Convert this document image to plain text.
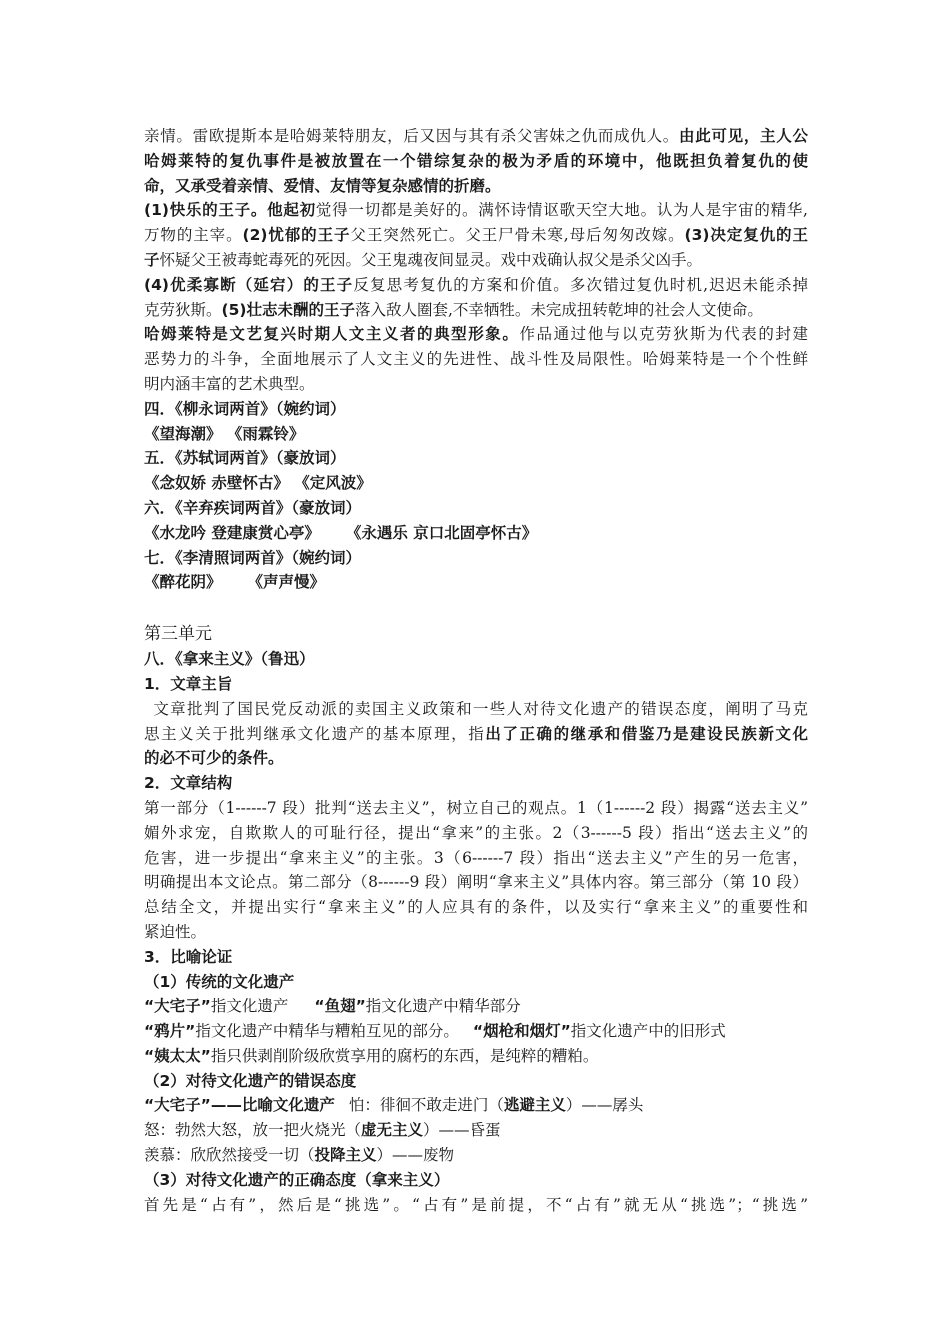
亲情。雷欧提斯本是哈姆莱特朋友，后又因与其有杀父害妹之仇而成仇人。由此可见，主人公
哈姆莱特的复仇事件是被放置在一个错综复杂的极为矛盾的环境中，他既担负着复仇的使
命，又承受着亲情、爱情、友情等复杂感情的折磨。
(1)快乐的王子。他起初觉得一切都是美好的。满怀诗情讴歌天空大地。认为人是宇宙的精华,
万物的主宰。(2)忧郁的王子父王突然死亡。父王尸骨未寒,母后匆匆改嫁。(3)决定复仇的王
子怀疑父王被毒蛇毒死的死因。父王鬼魂夜间显灵。戏中戏确认叔父是杀父凶手。
(4)优柔寡断（延宕）的王子反复思考复仇的方案和价值。多次错过复仇时机,迟迟未能杀掉
克劳狄斯。(5)壮志未酬的王子落入敌人圈套,不幸牺牲。未完成扭转乾坤的社会人文使命。
哈姆莱特是文艺复兴时期人文主义者的典型形象。作品通过他与以克劳狄斯为代表的封建
恶势力的斗争，全面地展示了人文主义的先进性、战斗性及局限性。哈姆莱特是一个个性鲜
明内涵丰富的艺术典型。
四．《柳永词两首》（婉约词）
《望海潮》 《雨霖铃》
五．《苏轼词两首》（豪放词）
《念奴娇 赤壁怀古》 《定风波》
六．《辛弃疾词两首》（豪放词）
《水龙吟 登建康赏心亭》 《永遇乐 京口北固亭怀古》
七．《李清照词两首》（婉约词）
《醉花阴》 《声声慢》
第三单元
八．《拿来主义》（鲁迅）
1．文章主旨
文章批判了国民党反动派的卖国主义政策和一些人对待文化遗产的错误态度，阐明了马克
思主义关于批判继承文化遗产的基本原理，指出了正确的继承和借鉴乃是建设民族新文化
的必不可少的条件。
2．文章结构
第一部分（1------7 段）批判“送去主义”，树立自己的观点。1（1------2 段）揭露“送去主义”
媚外求宠，自欺欺人的可耻行径，提出“拿来”的主张。2（3------5 段）指出“送去主义”的
危害，进一步提出“拿来主义”的主张。3（6------7 段）指出“送去主义”产生的另一危害，
明确提出本文论点。第二部分（8------9 段）阐明“拿来主义”具体内容。第三部分（第 10 段）
总结全文，并提出实行“拿来主义”的人应具有的条件，以及实行“拿来主义”的重要性和
紧迫性。
3．比喻论证
（1）传统的文化遗产
“大宅子”指文化遗产 “鱼翅”指文化遗产中精华部分
“鸦片”指文化遗产中精华与糟粕互见的部分。 “烟枪和烟灯”指文化遗产中的旧形式
“姨太太”指只供剥削阶级欣赏享用的腐朽的东西，是纯粹的糟粕。
（2）对待文化遗产的错误态度
“大宅子”——比喻文化遗产 怕：徘徊不敢走进门（逃避主义）——孱头
怒：勃然大怒，放一把火烧光（虚无主义）——昏蛋
羡慕：欣欣然接受一切（投降主义）——废物
（3）对待文化遗产的正确态度（拿来主义）
首先是“占有”，然后是“挑选”。“占有”是前提，不“占有”就无从“挑选”；“挑选”
